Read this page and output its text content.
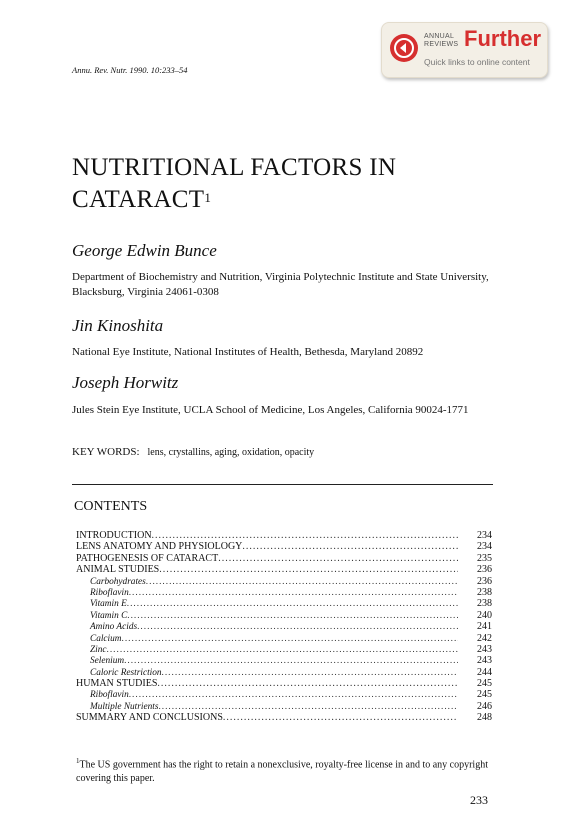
ANNUAL
REVIEWS Further
Quick links to online content
Annu. Rev. Nutr. 1990. 10:233–54
NUTRITIONAL FACTORS IN
CATARACT$^1$
George Edwin Bunce
Department of Biochemistry and Nutrition, Virginia Polytechnic Institute and State University, Blacksburg, Virginia 24061-0308
Jin Kinoshita
National Eye Institute, National Institutes of Health, Bethesda, Maryland 20892
Joseph Horwitz
Jules Stein Eye Institute, UCLA School of Medicine, Los Angeles, California 90024-1771
KEY WORDS: lens, crystallins, aging, oxidation, opacity
CONTENTS
INTRODUCTION .....	234
LENS ANATOMY AND PHYSIOLOGY .....	234
PATHOGENESIS OF CATARACT .....	235
ANIMAL STUDIES .....	236
Carbohydrates .....	236
Riboflavin .....	238
Vitamin E .....	238
Vitamin C .....	240
Amino Acids .....	241
Calcium .....	242
Zinc .....	243
Selenium .....	243
Caloric Restriction .....	244
HUMAN STUDIES .....	245
Riboflavin .....	245
Multiple Nutrients .....	246
SUMMARY AND CONCLUSIONS .....	248
$^1$The US government has the right to retain a nonexclusive, royalty-free license in and to any copyright covering this paper.
233
